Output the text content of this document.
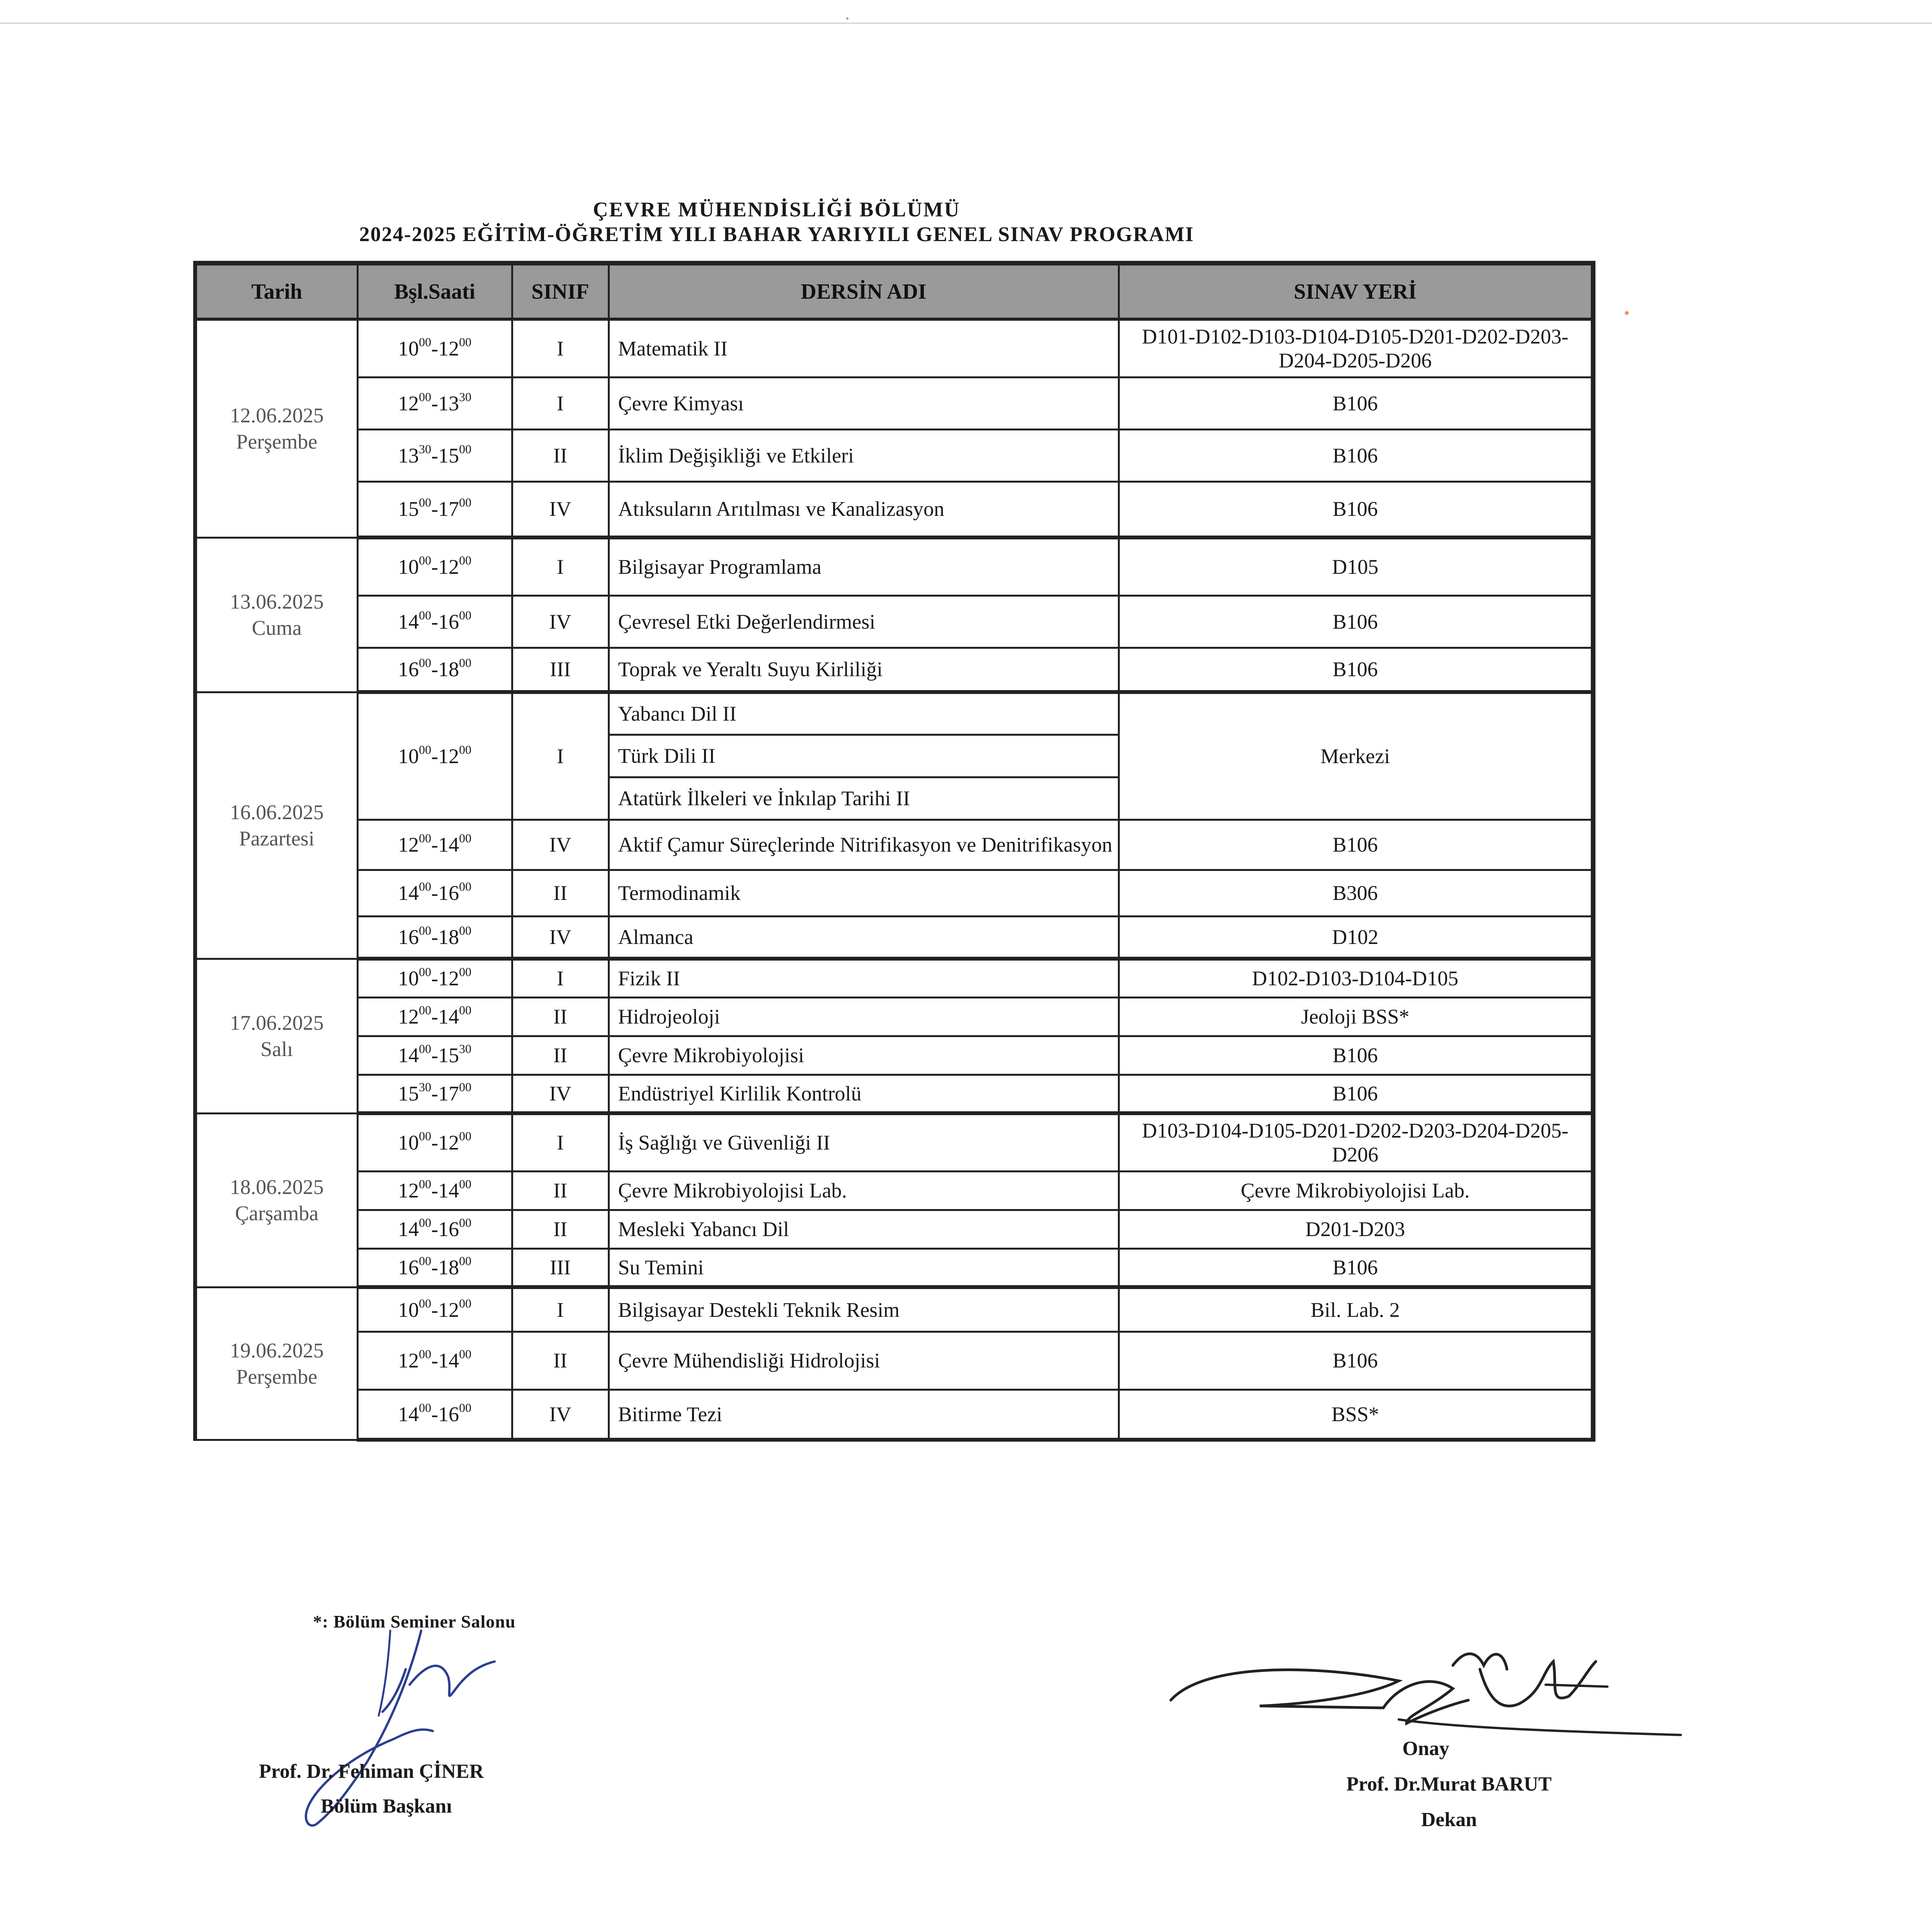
ÇEVRE MÜHENDİSLİĞİ BÖLÜMÜ
2024-2025 EĞİTİM-ÖĞRETİM YILI BAHAR YARIYILI GENEL SINAV PROGRAMI
Tarih	Bşl.Saati	SINIF	DERSİN ADI	SINAV YERİ

12.06.2025
Perşembe	$10^{00}-12^{00}$	I	Matematik II	D101-D102-D103-D104-D105-D201-D202-D203-D204-D205-D206
	$12^{00}-13^{30}$	I	Çevre Kimyası	B106
	$13^{30}-15^{00}$	II	İklim Değişikliği ve Etkileri	B106
	$15^{00}-17^{00}$	IV	Atıksuların Arıtılması ve Kanalizasyon	B106

13.06.2025
Cuma	$10^{00}-12^{00}$	I	Bilgisayar Programlama	D105
	$14^{00}-16^{00}$	IV	Çevresel Etki Değerlendirmesi	B106
	$16^{00}-18^{00}$	III	Toprak ve Yeraltı Suyu Kirliliği	B106

16.06.2025
Pazartesi	$10^{00}-12^{00}$	I	Yabancı Dil II	Merkezi
			Türk Dili II	
			Atatürk İlkeleri ve İnkılap Tarihi II	
	$12^{00}-14^{00}$	IV	Aktif Çamur Süreçlerinde Nitrifikasyon ve Denitrifikasyon	B106
	$14^{00}-16^{00}$	II	Termodinamik	B306
	$16^{00}-18^{00}$	IV	Almanca	D102

17.06.2025
Salı	$10^{00}-12^{00}$	I	Fizik II	D102-D103-D104-D105
	$12^{00}-14^{00}$	II	Hidrojeoloji	Jeoloji BSS*
	$14^{00}-15^{30}$	II	Çevre Mikrobiyolojisi	B106
	$15^{30}-17^{00}$	IV	Endüstriyel Kirlilik Kontrolü	B106

18.06.2025
Çarşamba	$10^{00}-12^{00}$	I	İş Sağlığı ve Güvenliği II	D103-D104-D105-D201-D202-D203-D204-D205-D206
	$12^{00}-14^{00}$	II	Çevre Mikrobiyolojisi Lab.	Çevre Mikrobiyolojisi Lab.
	$14^{00}-16^{00}$	II	Mesleki Yabancı Dil	D201-D203
	$16^{00}-18^{00}$	III	Su Temini	B106

19.06.2025
Perşembe	$10^{00}-12^{00}$	I	Bilgisayar Destekli Teknik Resim	Bil. Lab. 2
	$12^{00}-14^{00}$	II	Çevre Mühendisliği Hidrolojisi	B106
	$14^{00}-16^{00}$	IV	Bitirme Tezi	BSS*
*: Bölüm Seminer Salonu
Prof. Dr. Fehiman ÇİNER
Bölüm Başkanı
Onay
Prof. Dr.Murat BARUT
Dekan
